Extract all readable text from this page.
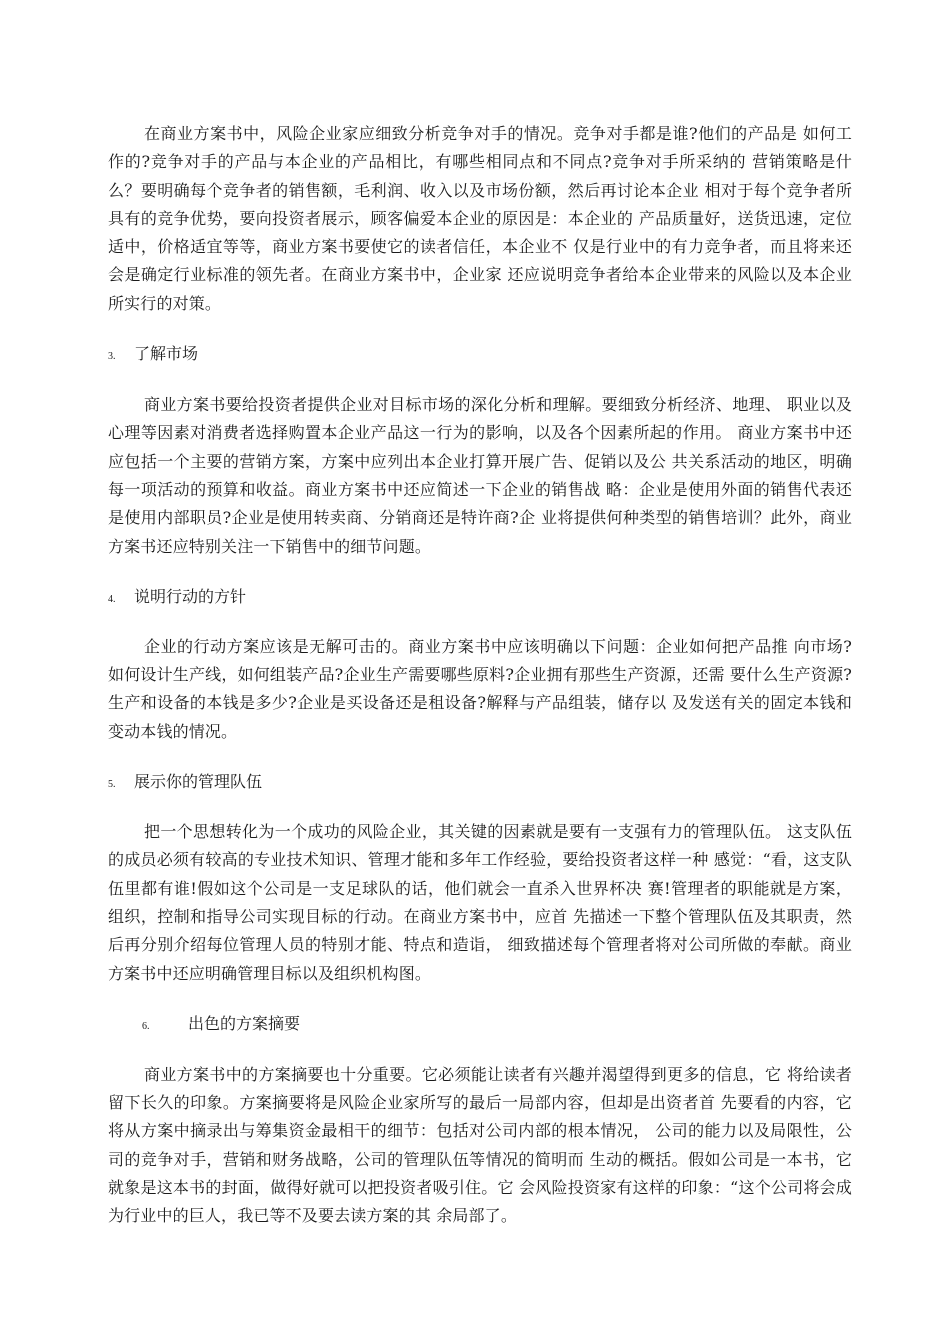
在商业方案书中，风险企业家应细致分析竞争对手的情况。竞争对手都是谁?他们的产品是 如何工作的?竞争对手的产品与本企业的产品相比，有哪些相同点和不同点?竞争对手所采纳的 营销策略是什么？要明确每个竞争者的销售额，毛利润、收入以及市场份额，然后再讨论本企业 相对于每个竞争者所具有的竞争优势，要向投资者展示，顾客偏爱本企业的原因是：本企业的 产品质量好，送货迅速，定位适中，价格适宜等等，商业方案书要使它的读者信任，本企业不 仅是行业中的有力竞争者，而且将来还会是确定行业标准的领先者。在商业方案书中，企业家 还应说明竞争者给本企业带来的风险以及本企业所实行的对策。

3.	了解市场

商业方案书要给投资者提供企业对目标市场的深化分析和理解。要细致分析经济、地理、 职业以及心理等因素对消费者选择购置本企业产品这一行为的影响，以及各个因素所起的作用。 商业方案书中还应包括一个主要的营销方案，方案中应列出本企业打算开展广告、促销以及公 共关系活动的地区，明确每一项活动的预算和收益。商业方案书中还应简述一下企业的销售战 略：企业是使用外面的销售代表还是使用内部职员?企业是使用转卖商、分销商还是特许商?企 业将提供何种类型的销售培训？此外，商业方案书还应特别关注一下销售中的细节问题。

4.	说明行动的方针

企业的行动方案应该是无解可击的。商业方案书中应该明确以下问题：企业如何把产品推 向市场?如何设计生产线，如何组装产品?企业生产需要哪些原料?企业拥有那些生产资源，还需 要什么生产资源?生产和设备的本钱是多少?企业是买设备还是租设备?解释与产品组装，储存以 及发送有关的固定本钱和变动本钱的情况。

5.	展示你的管理队伍

把一个思想转化为一个成功的风险企业，其关键的因素就是要有一支强有力的管理队伍。 这支队伍的成员必须有较高的专业技术知识、管理才能和多年工作经验，要给投资者这样一种 感觉：“看，这支队伍里都有谁!假如这个公司是一支足球队的话，他们就会一直杀入世界杯决 赛!管理者的职能就是方案，组织，控制和指导公司实现目标的行动。在商业方案书中，应首 先描述一下整个管理队伍及其职责，然后再分别介绍每位管理人员的特别才能、特点和造诣， 细致描述每个管理者将对公司所做的奉献。商业方案书中还应明确管理目标以及组织机构图。

6.	出色的方案摘要

商业方案书中的方案摘要也十分重要。它必须能让读者有兴趣并渴望得到更多的信息，它 将给读者留下长久的印象。方案摘要将是风险企业家所写的最后一局部内容，但却是出资者首 先要看的内容，它将从方案中摘录出与筹集资金最相干的细节：包括对公司内部的根本情况， 公司的能力以及局限性，公司的竞争对手，营销和财务战略，公司的管理队伍等情况的简明而 生动的概括。假如公司是一本书，它就象是这本书的封面，做得好就可以把投资者吸引住。它 会风险投资家有这样的印象：“这个公司将会成为行业中的巨人，我已等不及要去读方案的其 余局部了。
